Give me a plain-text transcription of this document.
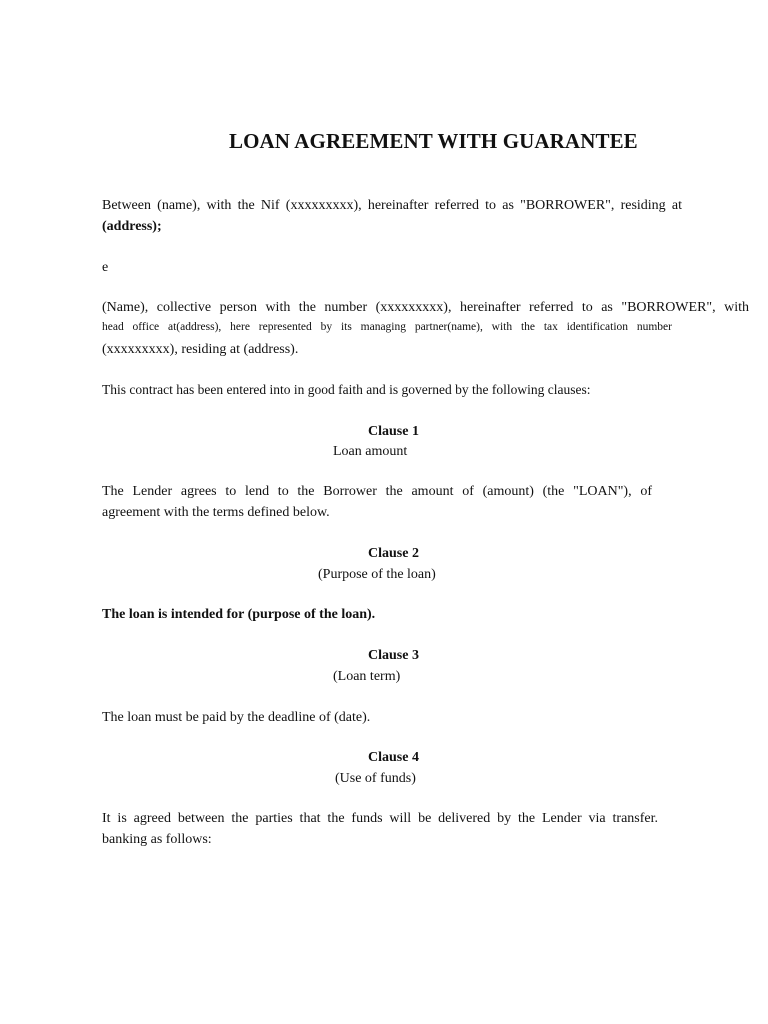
LOAN AGREEMENT WITH GUARANTEE

Between (name), with the Nif (xxxxxxxxx), hereinafter referred to as "BORROWER", residing at

(address);

e

(Name), collective person with the number (xxxxxxxxx), hereinafter referred to as "BORROWER", with

head office at(address), here represented by its managing partner(name), with the tax identification number

(xxxxxxxxx), residing at (address).

This contract has been entered into in good faith and is governed by the following clauses:

Clause 1

Loan amount

The Lender agrees to lend to the Borrower the amount of (amount) (the "LOAN"), of

agreement with the terms defined below.

Clause 2

(Purpose of the loan)

The loan is intended for (purpose of the loan).

Clause 3

(Loan term)

The loan must be paid by the deadline of (date).

Clause 4

(Use of funds)

It is agreed between the parties that the funds will be delivered by the Lender via transfer.

banking as follows:
